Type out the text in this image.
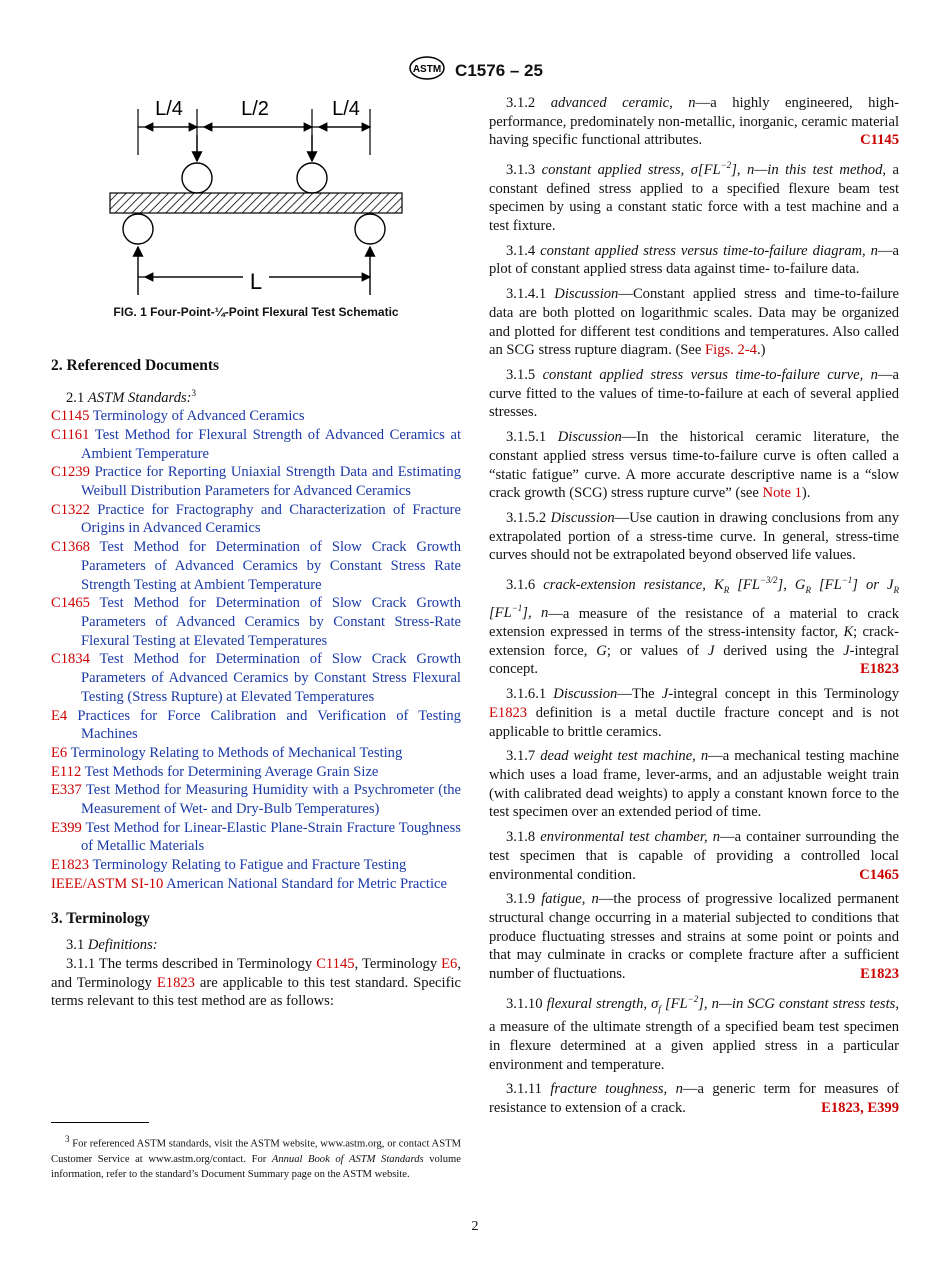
ASTM C1576 – 25
L/4	L/2	L/4
L
FIG. 1 Four-Point-¼-Point Flexural Test Schematic
2. Referenced Documents

2.1 ASTM Standards:$^3$

C1145 Terminology of Advanced Ceramics

C1161 Test Method for Flexural Strength of Advanced Ceramics at Ambient Temperature

C1239 Practice for Reporting Uniaxial Strength Data and Estimating Weibull Distribution Parameters for Advanced Ceramics

C1322 Practice for Fractography and Characterization of Fracture Origins in Advanced Ceramics

C1368 Test Method for Determination of Slow Crack Growth Parameters of Advanced Ceramics by Constant Stress Rate Strength Testing at Ambient Temperature

C1465 Test Method for Determination of Slow Crack Growth Parameters of Advanced Ceramics by Constant Stress-Rate Flexural Testing at Elevated Temperatures

C1834 Test Method for Determination of Slow Crack Growth Parameters of Advanced Ceramics by Constant Stress Flexural Testing (Stress Rupture) at Elevated Temperatures

E4 Practices for Force Calibration and Verification of Testing Machines

E6 Terminology Relating to Methods of Mechanical Testing

E112 Test Methods for Determining Average Grain Size

E337 Test Method for Measuring Humidity with a Psychrometer (the Measurement of Wet- and Dry-Bulb Temperatures)

E399 Test Method for Linear-Elastic Plane-Strain Fracture Toughness of Metallic Materials

E1823 Terminology Relating to Fatigue and Fracture Testing

IEEE/ASTM SI-10 American National Standard for Metric Practice

3. Terminology

3.1 Definitions:

3.1.1 The terms described in Terminology C1145, Terminology E6, and Terminology E1823 are applicable to this test standard. Specific terms relevant to this test method are as follows:

$^3$ For referenced ASTM standards, visit the ASTM website, www.astm.org, or contact ASTM Customer Service at www.astm.org/contact. For Annual Book of ASTM Standards volume information, refer to the standard’s Document Summary page on the ASTM website.

3.1.2 advanced ceramic, n—a highly engineered, high-performance, predominately non-metallic, inorganic, ceramic material having specific functional attributes.	C1145

3.1.3 constant applied stress, $\sigma[FL^{-2}]$, n—in this test method, a constant defined stress applied to a specified flexure beam test specimen by using a constant static force with a test machine and a test fixture.

3.1.4 constant applied stress versus time-to-failure diagram, n—a plot of constant applied stress data against time- to-failure data.

3.1.4.1 Discussion—Constant applied stress and time-to-failure data are both plotted on logarithmic scales. Data may be organized and plotted for different test conditions and temperatures. Also called an SCG stress rupture diagram. (See Figs. 2-4.)

3.1.5 constant applied stress versus time-to-failure curve, n—a curve fitted to the values of time-to-failure at each of several applied stresses.

3.1.5.1 Discussion—In the historical ceramic literature, the constant applied stress versus time-to-failure curve is often called a “static fatigue” curve. A more accurate descriptive name is a “slow crack growth (SCG) stress rupture curve” (see Note 1).

3.1.5.2 Discussion—Use caution in drawing conclusions from any extrapolated portion of a stress-time curve. In general, stress-time curves should not be extrapolated beyond observed life values.

3.1.6 crack-extension resistance, $K_R$ $[FL^{-3/2}]$, $G_R$ $[FL^{-1}]$ or $J_R$ $[FL^{-1}]$, n—a measure of the resistance of a material to crack extension expressed in terms of the stress-intensity factor, K; crack-extension force, G; or values of J derived using the J-integral concept.	E1823

3.1.6.1 Discussion—The J-integral concept in this Terminology E1823 definition is a metal ductile fracture concept and is not applicable to brittle ceramics.

3.1.7 dead weight test machine, n—a mechanical testing machine which uses a load frame, lever-arms, and an adjustable weight train (with calibrated dead weights) to apply a constant known force to the test specimen over an extended period of time.

3.1.8 environmental test chamber, n—a container surrounding the test specimen that is capable of providing a controlled local environmental condition.	C1465

3.1.9 fatigue, n—the process of progressive localized permanent structural change occurring in a material subjected to conditions that produce fluctuating stresses and strains at some point or points and that may culminate in cracks or complete fracture after a sufficient number of fluctuations.	E1823

3.1.10 flexural strength, $\sigma_f$ $[FL^{-2}]$, n—in SCG constant stress tests, a measure of the ultimate strength of a specified beam test specimen in flexure determined at a given applied stress in a particular environment and temperature.

3.1.11 fracture toughness, n—a generic term for measures of resistance to extension of a crack.	E1823, E399

2
